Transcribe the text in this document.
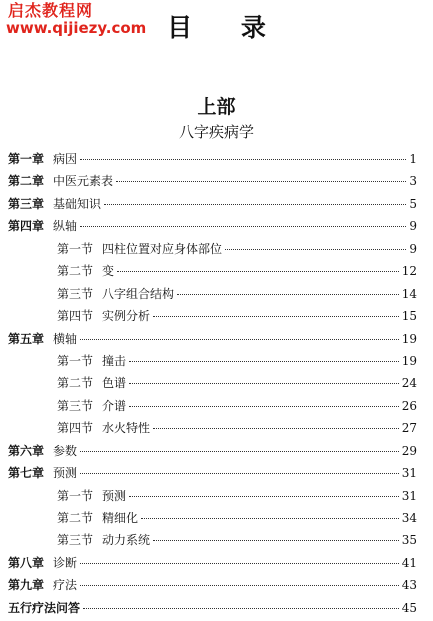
启杰教程网
www.qijiezy.com 目 录
上部
八字疾病学
第一章 病因	1
第二章 中医元素表	3
第三章 基础知识	5
第四章 纵轴	9
第一节 四柱位置对应身体部位	9
第二节 变	12
第三节 八字组合结构	14
第四节 实例分析	15
第五章 横轴	19
第一节 撞击	19
第二节 色谱	24
第三节 介谱	26
第四节 水火特性	27
第六章 参数	29
第七章 预测	31
第一节 预测	31
第二节 精细化	34
第三节 动力系统	35
第八章 诊断	41
第九章 疗法	43
五行疗法问答	45
